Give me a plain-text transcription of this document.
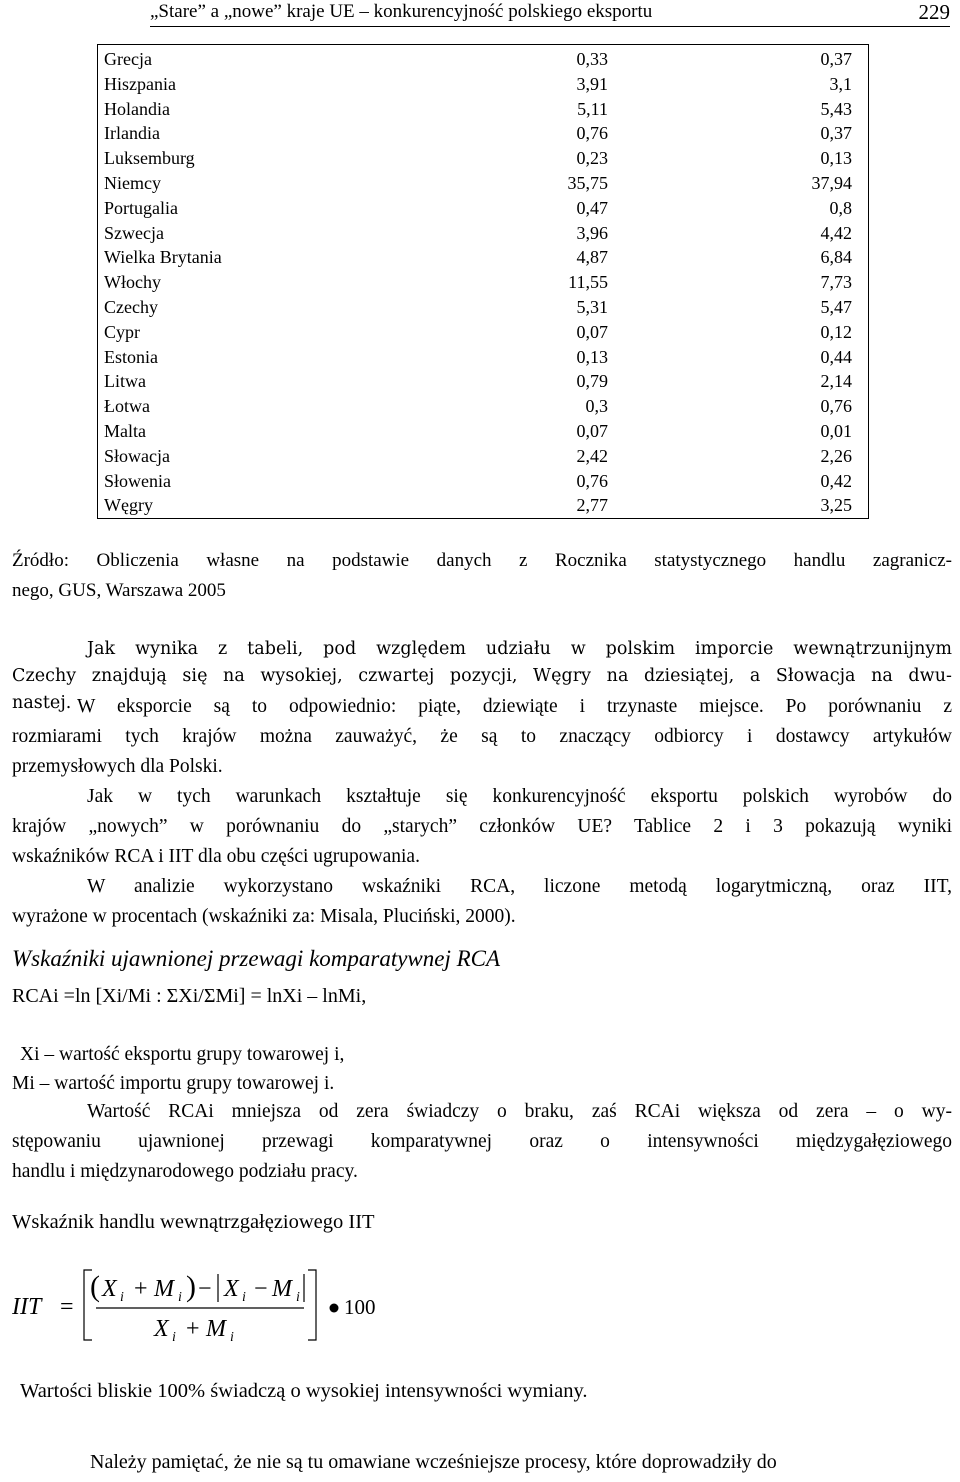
„Stare” a „nowe” kraje UE – konkurencyjność polskiego eksportu	229
Grecja	0,33	0,37
Hiszpania	3,91	3,1
Holandia	5,11	5,43
Irlandia	0,76	0,37
Luksemburg	0,23	0,13
Niemcy	35,75	37,94
Portugalia	0,47	0,8
Szwecja	3,96	4,42
Wielka Brytania	4,87	6,84
Włochy	11,55	7,73
Czechy	5,31	5,47
Cypr	0,07	0,12
Estonia	0,13	0,44
Litwa	0,79	2,14
Łotwa	0,3	0,76
Malta	0,07	0,01
Słowacja	2,42	2,26
Słowenia	0,76	0,42
Węgry	2,77	3,25
Źródło: Obliczenia własne na podstawie danych z Rocznika statystycznego handlu zagranicz-
nego, GUS, Warszawa 2005
Jak wynika z tabeli, pod względem udziału w polskim imporcie wewnątrzunijnym
Czechy znajdują się na wysokiej, czwartej pozycji, Węgry na dziesiątej, a Słowacja na dwu-
nastej. W eksporcie są to odpowiednio: piąte, dziewiąte i trzynaste miejsce. Po porównaniu z
rozmiarami tych krajów można zauważyć, że są to znaczący odbiorcy i dostawcy artykułów
przemysłowych dla Polski.
Jak w tych warunkach kształtuje się konkurencyjność eksportu polskich wyrobów do
krajów „nowych” w porównaniu do „starych” członków UE? Tablice 2 i 3 pokazują wyniki
wskaźników RCA i IIT dla obu części ugrupowania.
W analizie wykorzystano wskaźniki RCA, liczone metodą logarytmiczną, oraz IIT,
wyrażone w procentach (wskaźniki za: Misala, Pluciński, 2000).
Wskaźniki ujawnionej przewagi komparatywnej RCA
RCAi =ln [Xi/Mi : ΣXi/ΣMi] = lnXi – lnMi,
Xi – wartość eksportu grupy towarowej i,
Mi – wartość importu grupy towarowej i.
Wartość RCAi mniejsza od zera świadczy o braku, zaś RCAi większa od zera – o wy-
stępowaniu ujawnionej przewagi komparatywnej oraz o intensywności międzygałęziowego
handlu i międzynarodowego podziału pracy.
Wskaźnik handlu wewnątrzgałęziowego IIT
IIT =
( X i + M i ) − X i − M i
X i + M i
100
Wartości bliskie 100% świadczą o wysokiej intensywności wymiany.
Należy pamiętać, że nie są tu omawiane wcześniejsze procesy, które doprowadziły do
